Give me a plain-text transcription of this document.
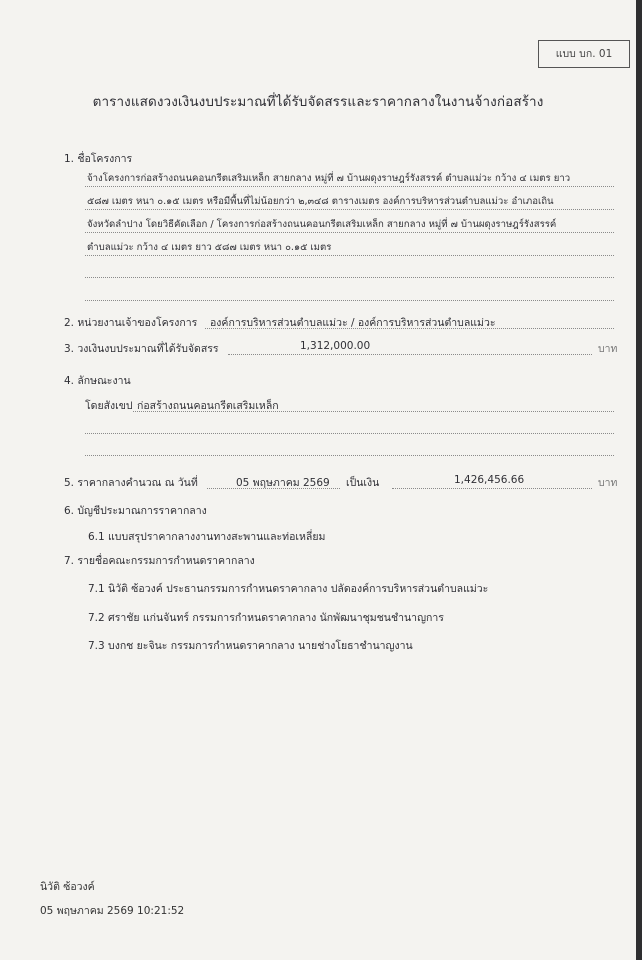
แบบ บก. 01
ตารางแสดงวงเงินงบประมาณที่ได้รับจัดสรรและราคากลางในงานจ้างก่อสร้าง
1. ชื่อโครงการ
จ้างโครงการก่อสร้างถนนคอนกรีตเสริมเหล็ก สายกลาง หมู่ที่ ๗ บ้านผดุงราษฎร์รังสรรค์ ตำบลแม่วะ กว้าง ๔ เมตร ยาว
๕๘๗ เมตร หนา ๐.๑๕ เมตร หรือมีพื้นที่ไม่น้อยกว่า ๒,๓๔๘ ตารางเมตร องค์การบริหารส่วนตำบลแม่วะ อำเภอเถิน
จังหวัดลำปาง โดยวิธีคัดเลือก / โครงการก่อสร้างถนนคอนกรีตเสริมเหล็ก สายกลาง หมู่ที่ ๗ บ้านผดุงราษฎร์รังสรรค์
ตำบลแม่วะ กว้าง ๔ เมตร ยาว ๕๘๗ เมตร หนา ๐.๑๕ เมตร
2. หน่วยงานเจ้าของโครงการ องค์การบริหารส่วนตำบลแม่วะ / องค์การบริหารส่วนตำบลแม่วะ
3. วงเงินงบประมาณที่ได้รับจัดสรร	1,312,000.00	บาท
4. ลักษณะงาน
โดยสังเขป ก่อสร้างถนนคอนกรีตเสริมเหล็ก
5. ราคากลางคำนวณ ณ วันที่	05 พฤษภาคม 2569 เป็นเงิน	1,426,456.66	บาท
6. บัญชีประมาณการราคากลาง
6.1 แบบสรุปราคากลางงานทางสะพานและท่อเหลี่ยม
7. รายชื่อคณะกรรมการกำหนดราคากลาง
7.1 นิวัติ ซ้อวงค์ ประธานกรรมการกำหนดราคากลาง ปลัดองค์การบริหารส่วนตำบลแม่วะ
7.2 ศราชัย แก่นจันทร์ กรรมการกำหนดราคากลาง นักพัฒนาชุมชนชำนาญการ
7.3 บงกช ยะจินะ กรรมการกำหนดราคากลาง นายช่างโยธาชำนาญงาน
นิวัติ ซ้อวงค์
05 พฤษภาคม 2569 10:21:52
